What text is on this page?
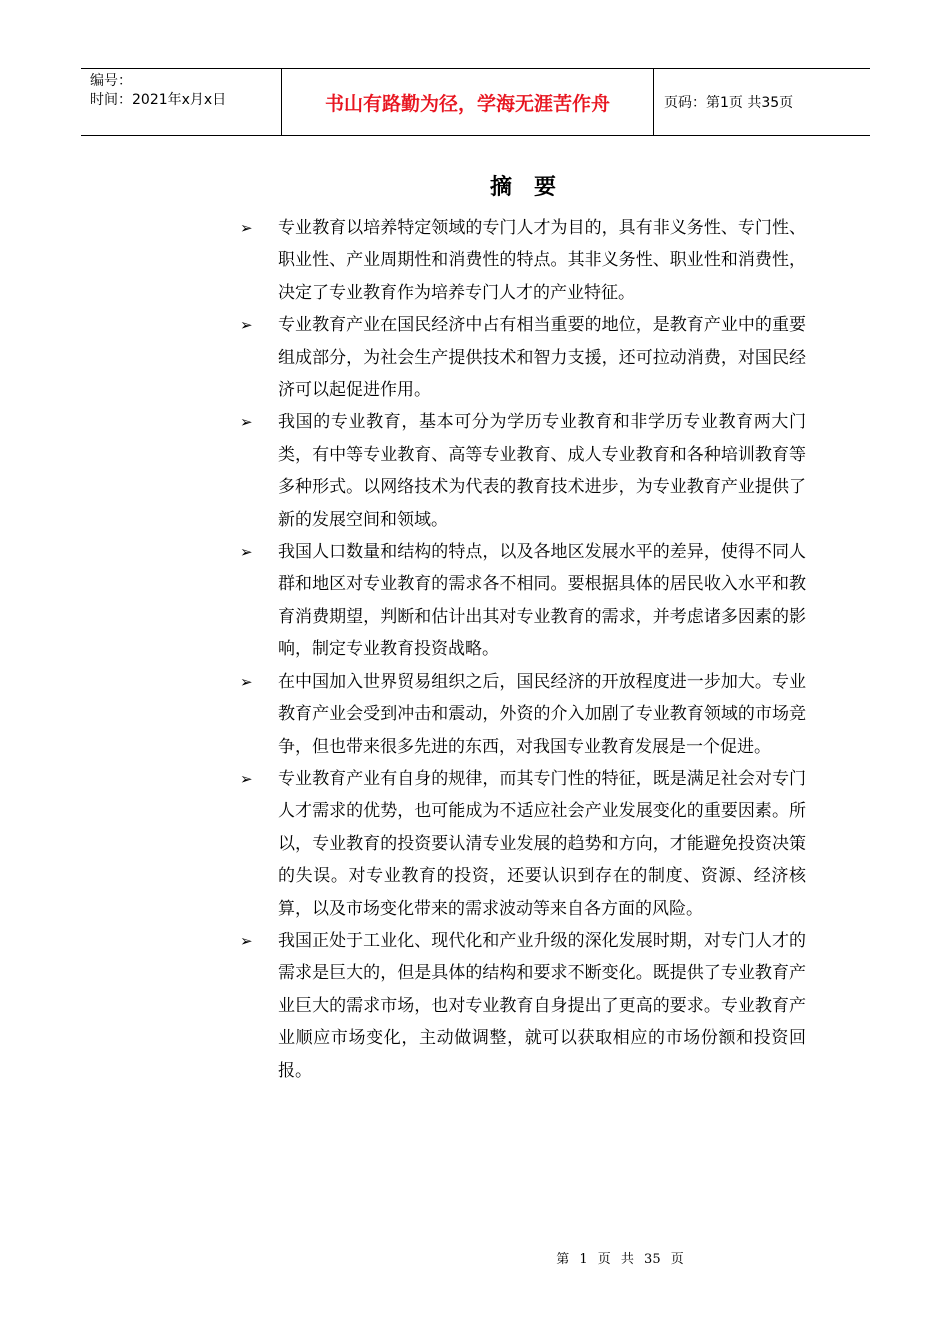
编号：
时间：2021年x月x日	书山有路勤为径，学海无涯苦作舟	页码：第1页 共35页
摘要
➢	专业教育以培养特定领域的专门人才为目的，具有非义务性、专门性、职业性、产业周期性和消费性的特点。其非义务性、职业性和消费性，决定了专业教育作为培养专门人才的产业特征。
➢	专业教育产业在国民经济中占有相当重要的地位，是教育产业中的重要组成部分，为社会生产提供技术和智力支援，还可拉动消费，对国民经济可以起促进作用。
➢	我国的专业教育，基本可分为学历专业教育和非学历专业教育两大门类，有中等专业教育、高等专业教育、成人专业教育和各种培训教育等多种形式。以网络技术为代表的教育技术进步，为专业教育产业提供了新的发展空间和领域。
➢	我国人口数量和结构的特点，以及各地区发展水平的差异，使得不同人群和地区对专业教育的需求各不相同。要根据具体的居民收入水平和教育消费期望，判断和估计出其对专业教育的需求，并考虑诸多因素的影响，制定专业教育投资战略。
➢	在中国加入世界贸易组织之后，国民经济的开放程度进一步加大。专业教育产业会受到冲击和震动，外资的介入加剧了专业教育领域的市场竞争，但也带来很多先进的东西，对我国专业教育发展是一个促进。
➢	专业教育产业有自身的规律，而其专门性的特征，既是满足社会对专门人才需求的优势，也可能成为不适应社会产业发展变化的重要因素。所以，专业教育的投资要认清专业发展的趋势和方向，才能避免投资决策的失误。对专业教育的投资，还要认识到存在的制度、资源、经济核算，以及市场变化带来的需求波动等来自各方面的风险。
➢	我国正处于工业化、现代化和产业升级的深化发展时期，对专门人才的需求是巨大的，但是具体的结构和要求不断变化。既提供了专业教育产业巨大的需求市场，也对专业教育自身提出了更高的要求。专业教育产业顺应市场变化，主动做调整，就可以获取相应的市场份额和投资回报。
第 1 页 共 35 页
